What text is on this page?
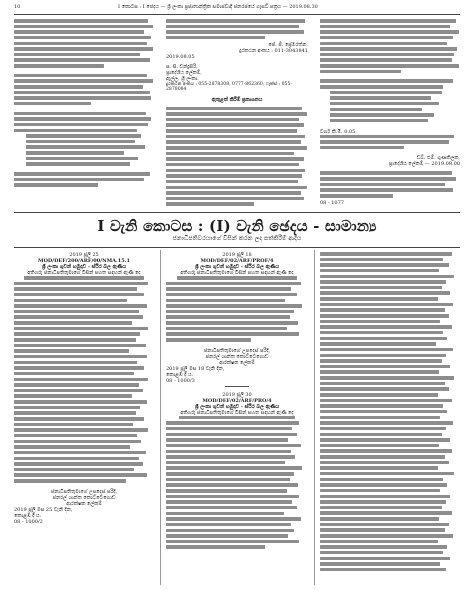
10	I කොටස : I ඡෙදය — ශ්‍රී ලංකා ප්‍රජාතාන්ත්‍රික සමාජවාදී ජනරජයේ ගැසට් පත්‍රය — 2019.08.30
ජේ. ජී. ප්‍රේමරත්න,
දුරකථන අංකය : 011-3043841
2019.08.05
ස. සි. චන්ද්‍රසිරි,
ප්‍රාදේශීය ලේකම්,
ඇල්ල, ශ්‍රී ලංකා.
දුරකථන අංකය : 055-2878308, 0777-862360, ෆැක්ස් : 055-2878084
ඇතුළත් කිරීම් ප්‍රකාශනය
වර්ග කි.මී. 0.05
ඩබ්. එම්. ගුණතිලක,
ප්‍රාදේශීය ලේකම් — 2019.08.00
08 - 1077
I වැනි කොටස : (I) වැනි ඡෙදය - සාමාන්‍ය
ජනාධිපතිවරයාගේ විසින් කරන ලද පත්කිරීම් ආදිය
2019 ජූලි 25
MOD/DEF/200/ARF/00/NMA.15.1
ශ්‍රී ලංකා ගුවන් හමුදාව - ස්ථිර බල ඇණිය
අතිගරු ජනාධිපතිතුමාගේ විසින් පහත සඳහන් ඇණි දෙ
ජනාධිපතිතුමාගේ උපදෙස් පරිදි,
ජනරල් ශාන්ත කොට්ටෙගොඩ
ආරක්ෂක ලේකම්
2019 ජූලි මස 25 වැනි දින,
කොළඹ දී ය.
08 - 1000/2
2019 ජූලි 18
MOD/DEF/02/ARF/PROF/4
ශ්‍රී ලංකා ගුවන් හමුදාව - ස්ථිර බල ඇණිය
අතිගරු ජනාධිපතිතුමාගේ විසින් පහත සඳහන් ඇණි දෙ
ජනාධිපතිතුමාගේ උපදෙස් පරිදි,
ජනරල් ශාන්ත කොට්ටෙගොඩ
ආරක්ෂක ලේකම්
2019 ජූලි මස 18 වැනි දින,
කොළඹ දී ය.
08 - 1000/3
2019 ජූලි 30
MOD/DEF/02/ARF/PRO/4
ශ්‍රී ලංකා ගුවන් හමුදාව - ස්ථිර බල ඇණිය
අතිගරු ජනාධිපතිතුමාගේ විසින් පහත සඳහන් ඇණි දෙ
